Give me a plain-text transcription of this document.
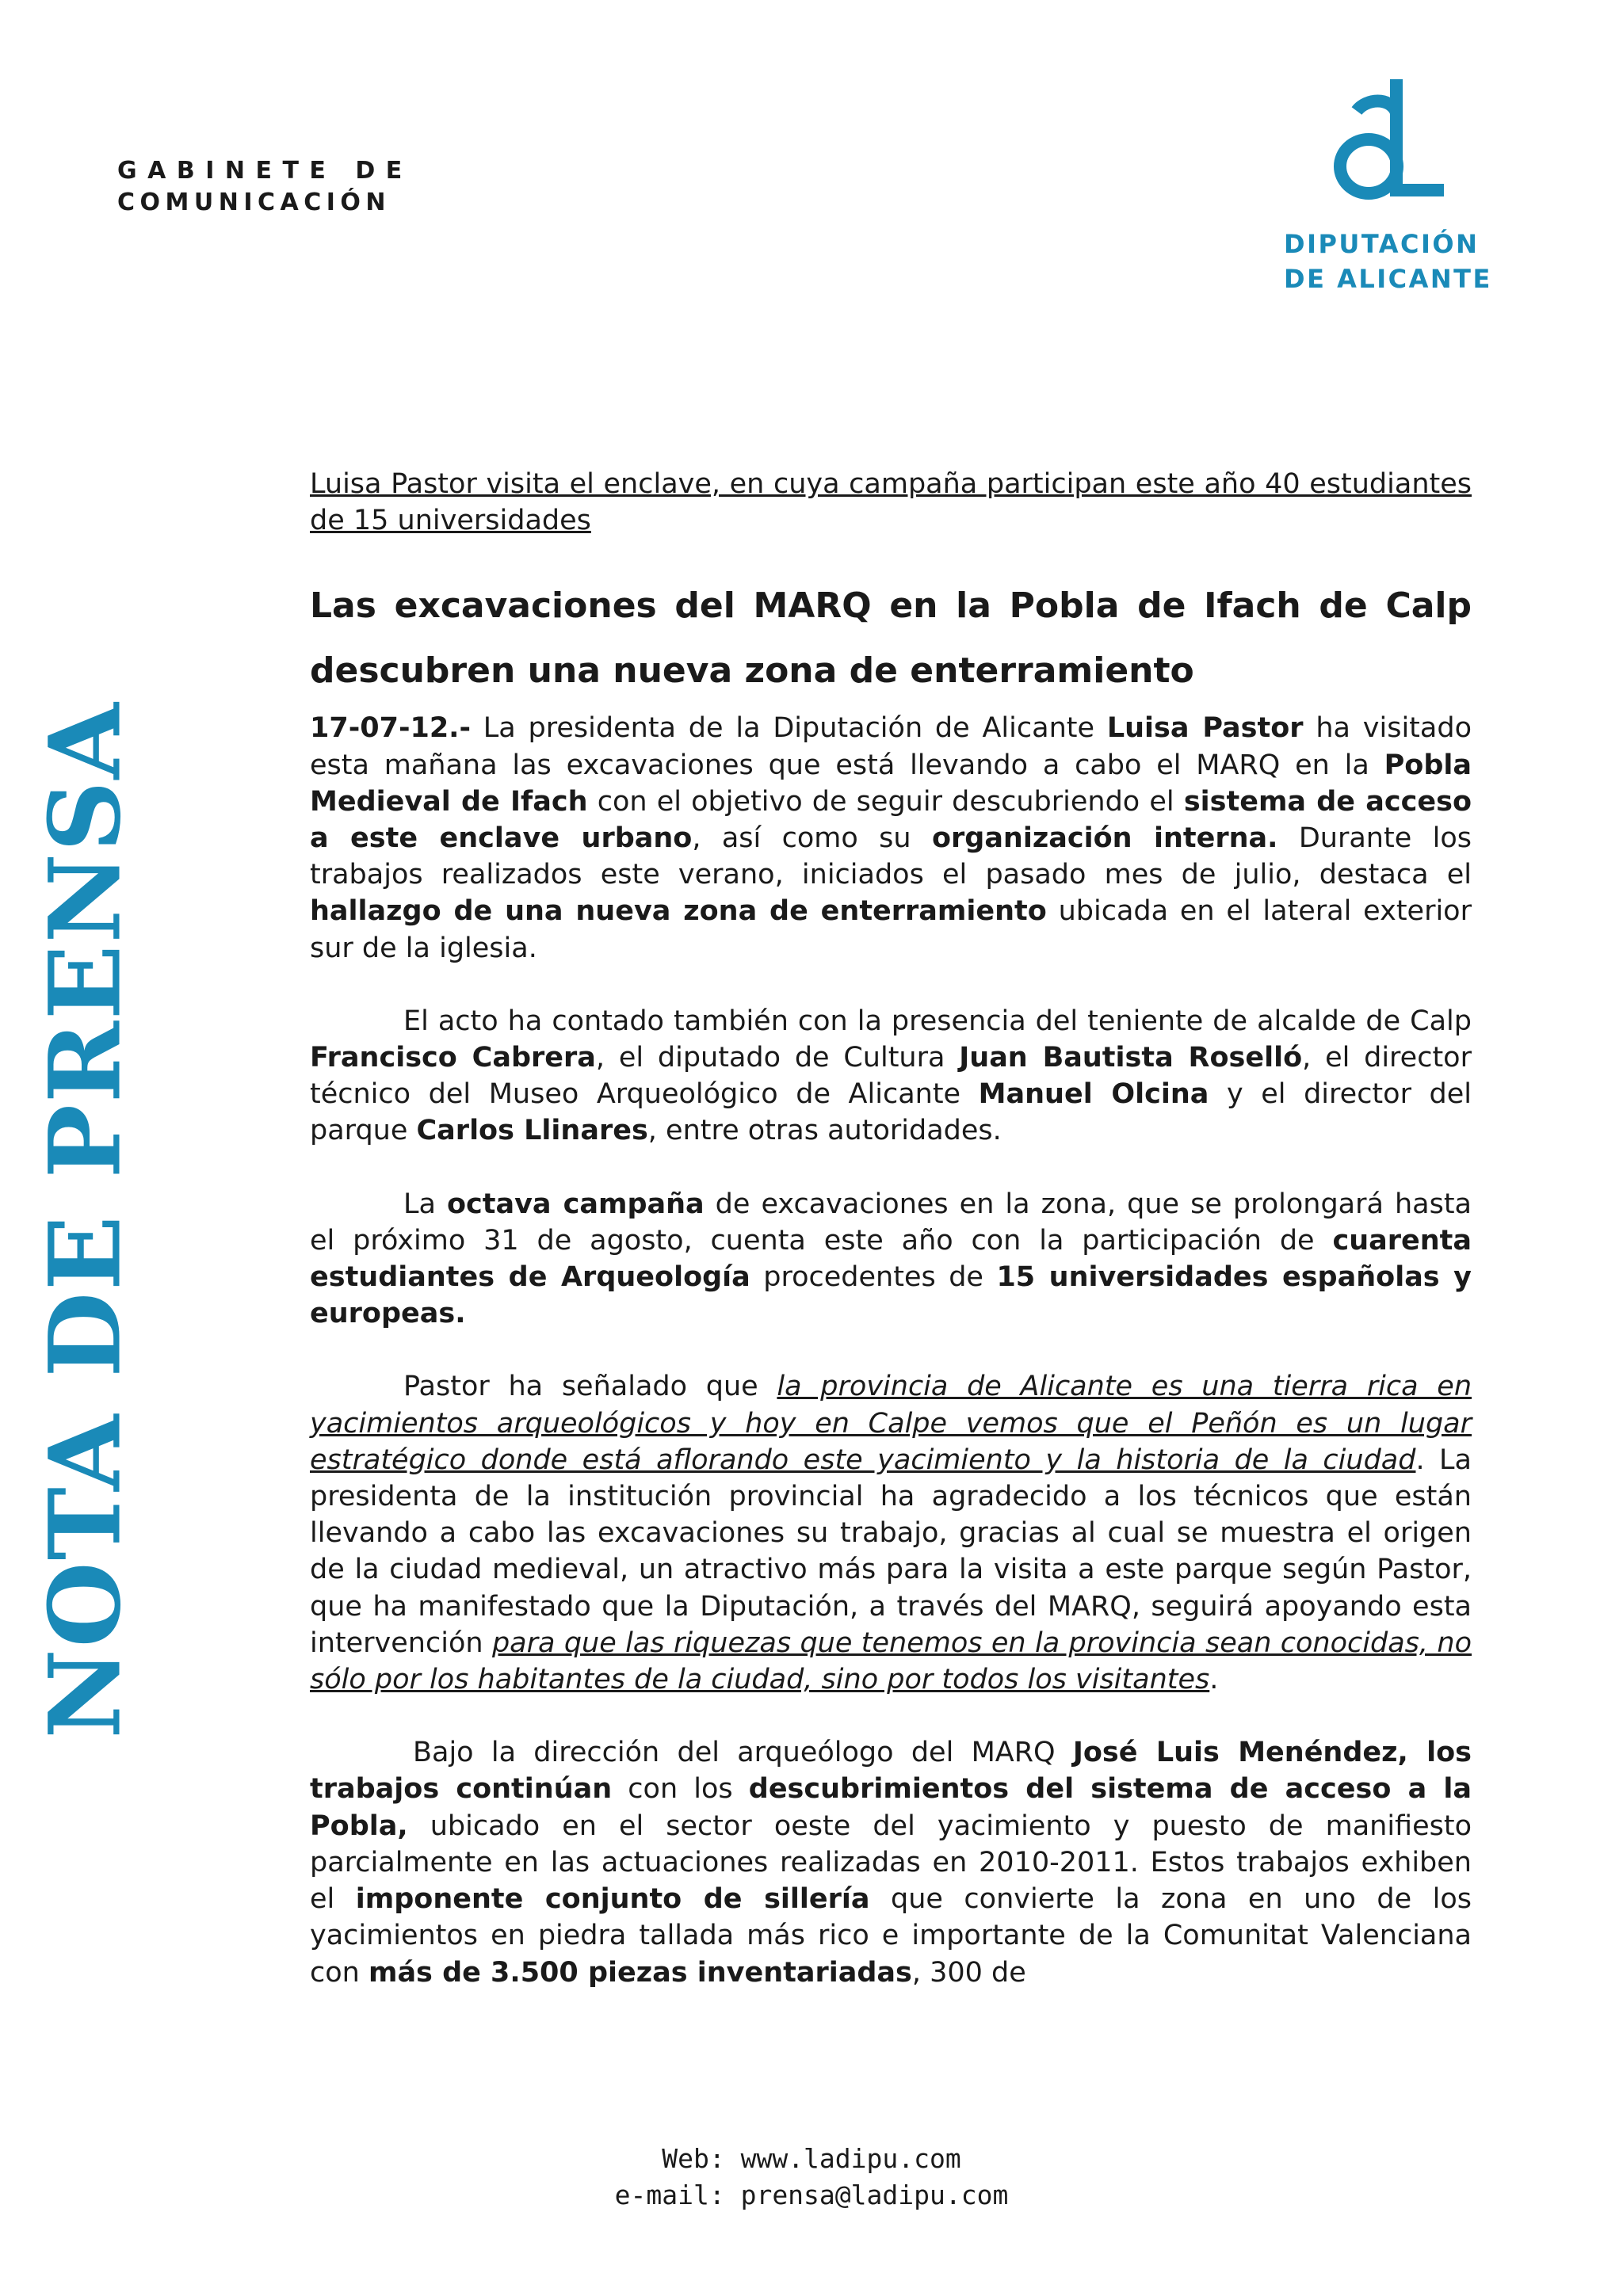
GABINETE DE
COMUNICACIÓN
DIPUTACIÓN
DE ALICANTE
NOTA DE PRENSA

Luisa Pastor visita el enclave, en cuya campaña participan este año 40 estudiantes de 15 universidades

Las excavaciones del MARQ en la Pobla de Ifach de Calp descubren una nueva zona de enterramiento

17-07-12.- La presidenta de la Diputación de Alicante Luisa Pastor ha visitado esta mañana las excavaciones que está llevando a cabo el MARQ en la Pobla Medieval de Ifach con el objetivo de seguir descubriendo el sistema de acceso a este enclave urbano, así como su organización interna. Durante los trabajos realizados este verano, iniciados el pasado mes de julio, destaca el hallazgo de una nueva zona de enterramiento ubicada en el lateral exterior sur de la iglesia.

El acto ha contado también con la presencia del teniente de alcalde de Calp Francisco Cabrera, el diputado de Cultura Juan Bautista Roselló, el director técnico del Museo Arqueológico de Alicante Manuel Olcina y el director del parque Carlos Llinares, entre otras autoridades.

La octava campaña de excavaciones en la zona, que se prolongará hasta el próximo 31 de agosto, cuenta este año con la participación de cuarenta estudiantes de Arqueología procedentes de 15 universidades españolas y europeas.

Pastor ha señalado que la provincia de Alicante es una tierra rica en yacimientos arqueológicos y hoy en Calpe vemos que el Peñón es un lugar estratégico donde está aflorando este yacimiento y la historia de la ciudad. La presidenta de la institución provincial ha agradecido a los técnicos que están llevando a cabo las excavaciones su trabajo, gracias al cual se muestra el origen de la ciudad medieval, un atractivo más para la visita a este parque según Pastor, que ha manifestado que la Diputación, a través del MARQ, seguirá apoyando esta intervención para que las riquezas que tenemos en la provincia sean conocidas, no sólo por los habitantes de la ciudad, sino por todos los visitantes.

Bajo la dirección del arqueólogo del MARQ José Luis Menéndez, los trabajos continúan con los descubrimientos del sistema de acceso a la Pobla, ubicado en el sector oeste del yacimiento y puesto de manifiesto parcialmente en las actuaciones realizadas en 2010-2011. Estos trabajos exhiben el imponente conjunto de sillería que convierte la zona en uno de los yacimientos en piedra tallada más rico e importante de la Comunitat Valenciana con más de 3.500 piezas inventariadas, 300 de

Web: www.ladipu.com
e-mail: prensa@ladipu.com
